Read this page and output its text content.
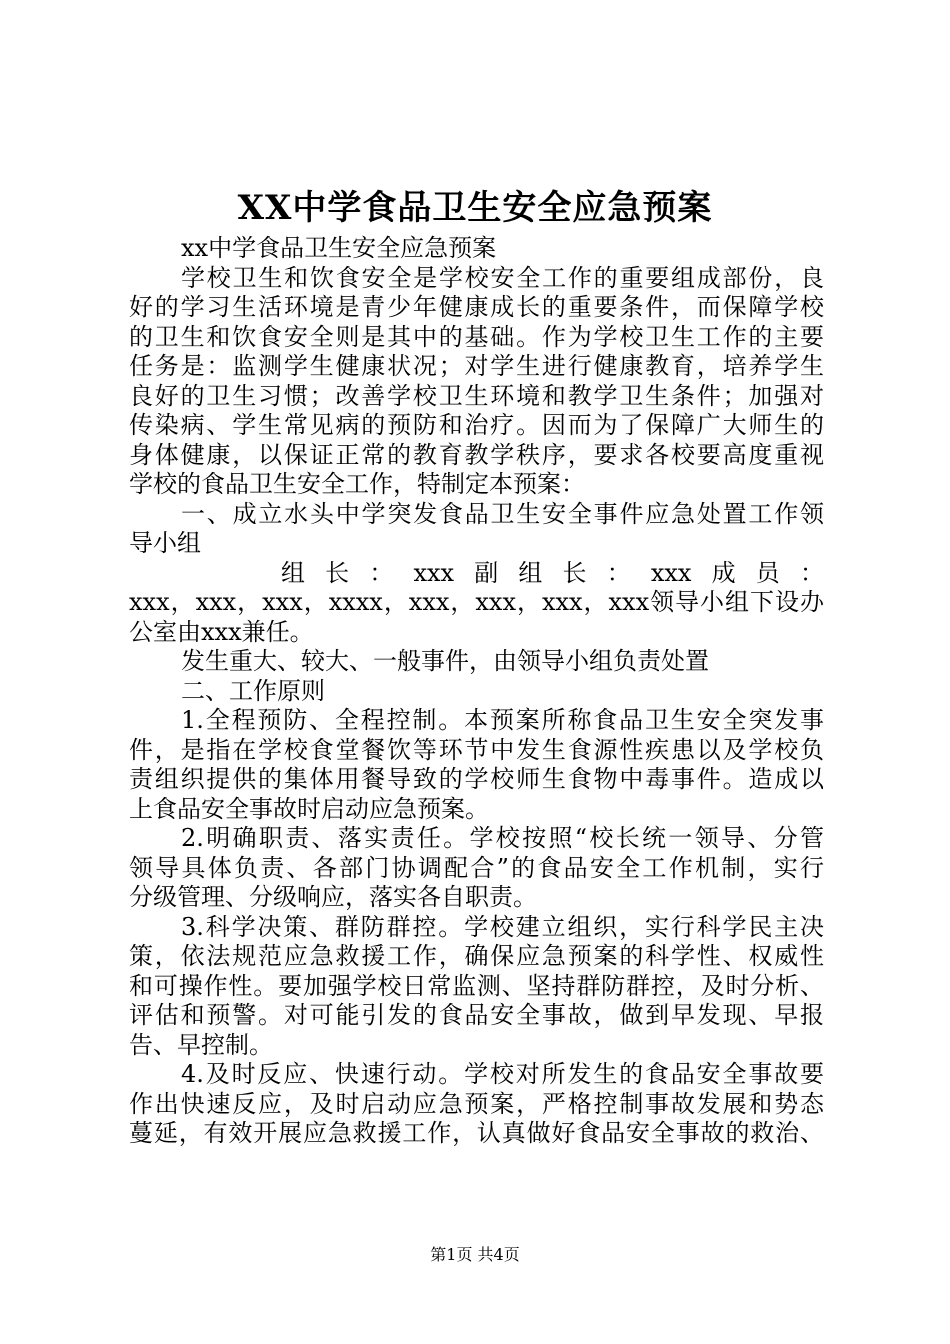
XX中学食品卫生安全应急预案
xx中学食品卫生安全应急预案
学校卫生和饮食安全是学校安全工作的重要组成部份，良
好的学习生活环境是青少年健康成长的重要条件，而保障学校
的卫生和饮食安全则是其中的基础。作为学校卫生工作的主要
任务是：监测学生健康状况；对学生进行健康教育，培养学生
良好的卫生习惯；改善学校卫生环境和教学卫生条件；加强对
传染病、学生常见病的预防和治疗。因而为了保障广大师生的
身体健康，以保证正常的教育教学秩序，要求各校要高度重视
学校的食品卫生安全工作，特制定本预案：
一、成立水头中学突发食品卫生安全事件应急处置工作领
导小组
组 长 ： xxx 副 组 长 ： xxx 成 员 ：
xxx，xxx，xxx，xxxx，xxx，xxx，xxx，xxx领导小组下设办
公室由xxx兼任。
发生重大、较大、一般事件，由领导小组负责处置
二、工作原则
1.全程预防、全程控制。本预案所称食品卫生安全突发事
件，是指在学校食堂餐饮等环节中发生食源性疾患以及学校负
责组织提供的集体用餐导致的学校师生食物中毒事件。造成以
上食品安全事故时启动应急预案。
2.明确职责、落实责任。学校按照“校长统一领导、分管
领导具体负责、各部门协调配合”的食品安全工作机制，实行
分级管理、分级响应，落实各自职责。
3.科学决策、群防群控。学校建立组织，实行科学民主决
策，依法规范应急救援工作，确保应急预案的科学性、权威性
和可操作性。要加强学校日常监测、坚持群防群控，及时分析、
评估和预警。对可能引发的食品安全事故，做到早发现、早报
告、早控制。
4.及时反应、快速行动。学校对所发生的食品安全事故要
作出快速反应，及时启动应急预案，严格控制事故发展和势态
蔓延，有效开展应急救援工作，认真做好食品安全事故的救治、
第1页 共4页
